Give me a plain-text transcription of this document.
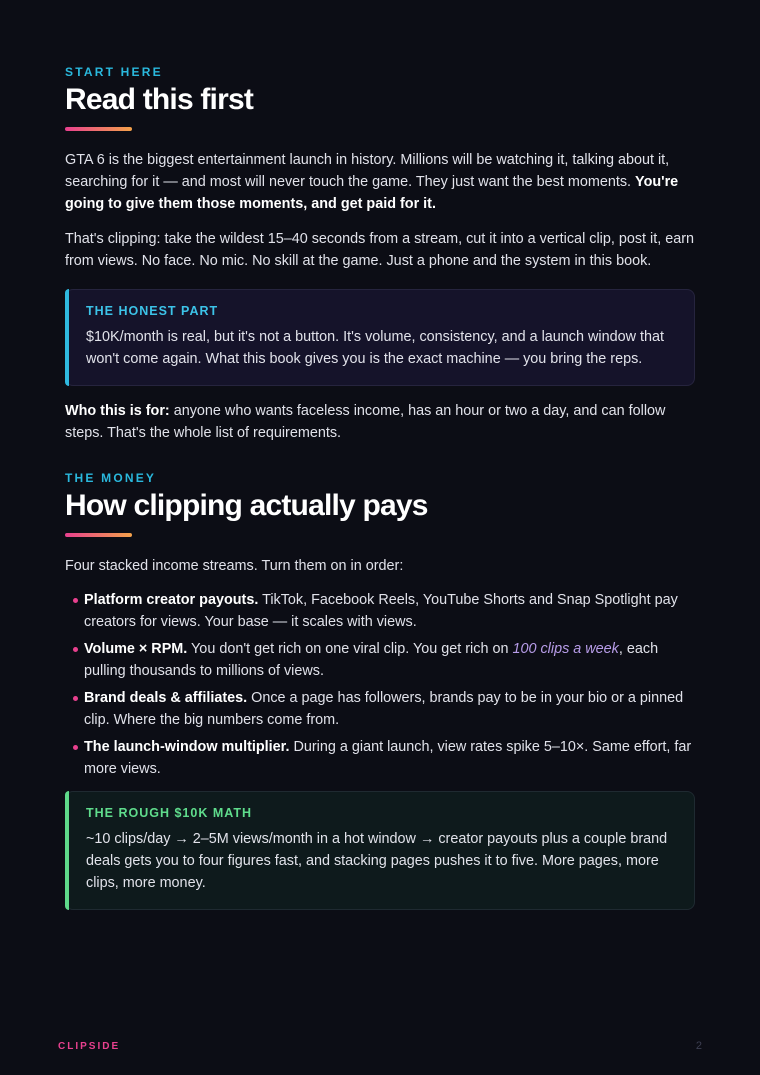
START HERE
Read this first

GTA 6 is the biggest entertainment launch in history. Millions will be watching it, talking about it, searching for it — and most will never touch the game. They just want the best moments. You're going to give them those moments, and get paid for it.

That's clipping: take the wildest 15–40 seconds from a stream, cut it into a vertical clip, post it, earn from views. No face. No mic. No skill at the game. Just a phone and the system in this book.

THE HONEST PART

$10K/month is real, but it's not a button. It's volume, consistency, and a launch window that won't come again. What this book gives you is the exact machine — you bring the reps.

Who this is for: anyone who wants faceless income, has an hour or two a day, and can follow steps. That's the whole list of requirements.

THE MONEY
How clipping actually pays

Four stacked income streams. Turn them on in order:

Platform creator payouts. TikTok, Facebook Reels, YouTube Shorts and Snap Spotlight pay creators for views. Your base — it scales with views.
Volume × RPM. You don't get rich on one viral clip. You get rich on 100 clips a week, each pulling thousands to millions of views.
Brand deals & affiliates. Once a page has followers, brands pay to be in your bio or a pinned clip. Where the big numbers come from.
The launch-window multiplier. During a giant launch, view rates spike 5–10×. Same effort, far more views.
THE ROUGH $10K MATH

~10 clips/day → 2–5M views/month in a hot window → creator payouts plus a couple brand deals gets you to four figures fast, and stacking pages pushes it to five. More pages, more clips, more money.

CLIPSIDE	2
